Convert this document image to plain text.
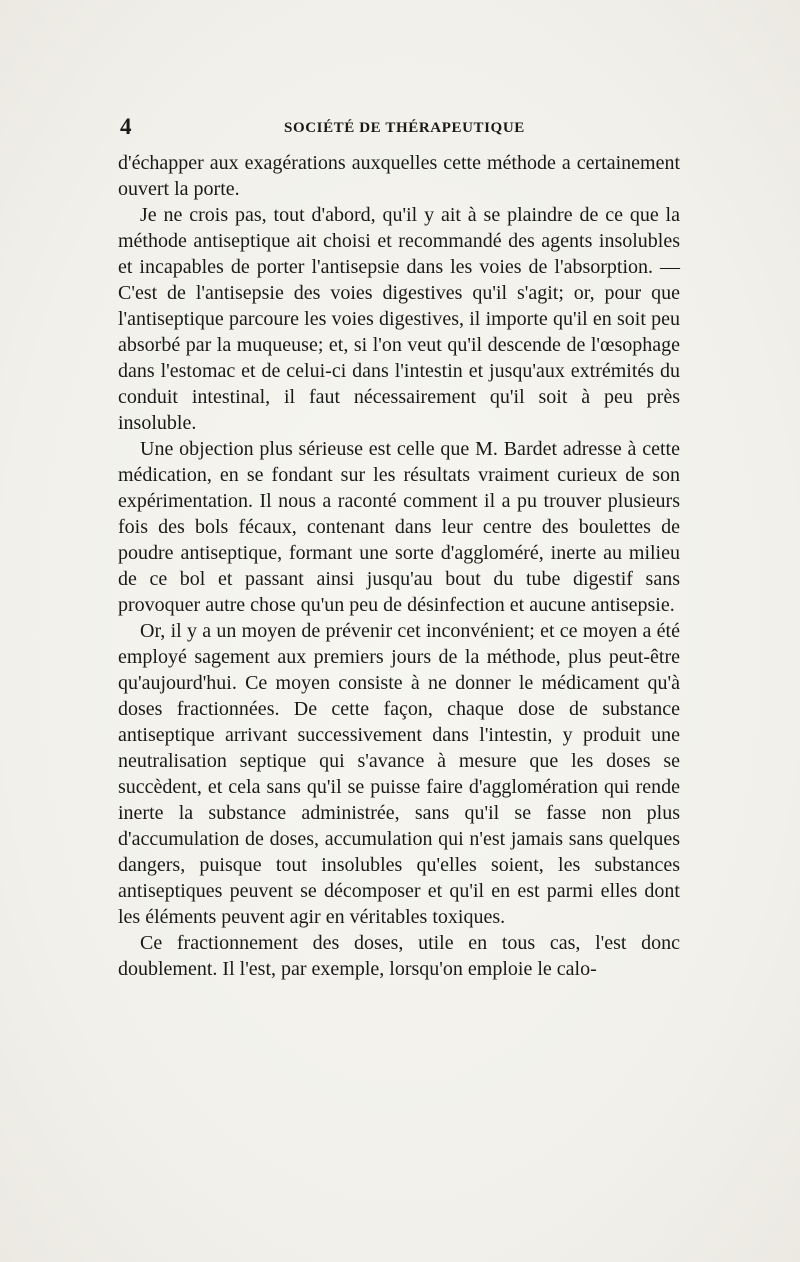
4	SOCIÉTÉ DE THÉRAPEUTIQUE

d'échapper aux exagérations auxquelles cette méthode a certainement ouvert la porte.

Je ne crois pas, tout d'abord, qu'il y ait à se plaindre de ce que la méthode antiseptique ait choisi et recommandé des agents insolubles et incapables de porter l'antisepsie dans les voies de l'absorption. — C'est de l'antisepsie des voies digestives qu'il s'agit; or, pour que l'antiseptique parcoure les voies digestives, il importe qu'il en soit peu absorbé par la muqueuse; et, si l'on veut qu'il descende de l'œsophage dans l'estomac et de celui-ci dans l'intestin et jusqu'aux extrémités du conduit intestinal, il faut nécessairement qu'il soit à peu près insoluble.

Une objection plus sérieuse est celle que M. Bardet adresse à cette médication, en se fondant sur les résultats vraiment curieux de son expérimentation. Il nous a raconté comment il a pu trouver plusieurs fois des bols fécaux, contenant dans leur centre des boulettes de poudre antiseptique, formant une sorte d'aggloméré, inerte au milieu de ce bol et passant ainsi jusqu'au bout du tube digestif sans provoquer autre chose qu'un peu de désinfection et aucune antisepsie.

Or, il y a un moyen de prévenir cet inconvénient; et ce moyen a été employé sagement aux premiers jours de la méthode, plus peut-être qu'aujourd'hui. Ce moyen consiste à ne donner le médicament qu'à doses fractionnées. De cette façon, chaque dose de substance antiseptique arrivant successivement dans l'intestin, y produit une neutralisation septique qui s'avance à mesure que les doses se succèdent, et cela sans qu'il se puisse faire d'agglomération qui rende inerte la substance administrée, sans qu'il se fasse non plus d'accumulation de doses, accumulation qui n'est jamais sans quelques dangers, puisque tout insolubles qu'elles soient, les substances antiseptiques peuvent se décomposer et qu'il en est parmi elles dont les éléments peuvent agir en véritables toxiques.

Ce fractionnement des doses, utile en tous cas, l'est donc doublement. Il l'est, par exemple, lorsqu'on emploie le calo-
